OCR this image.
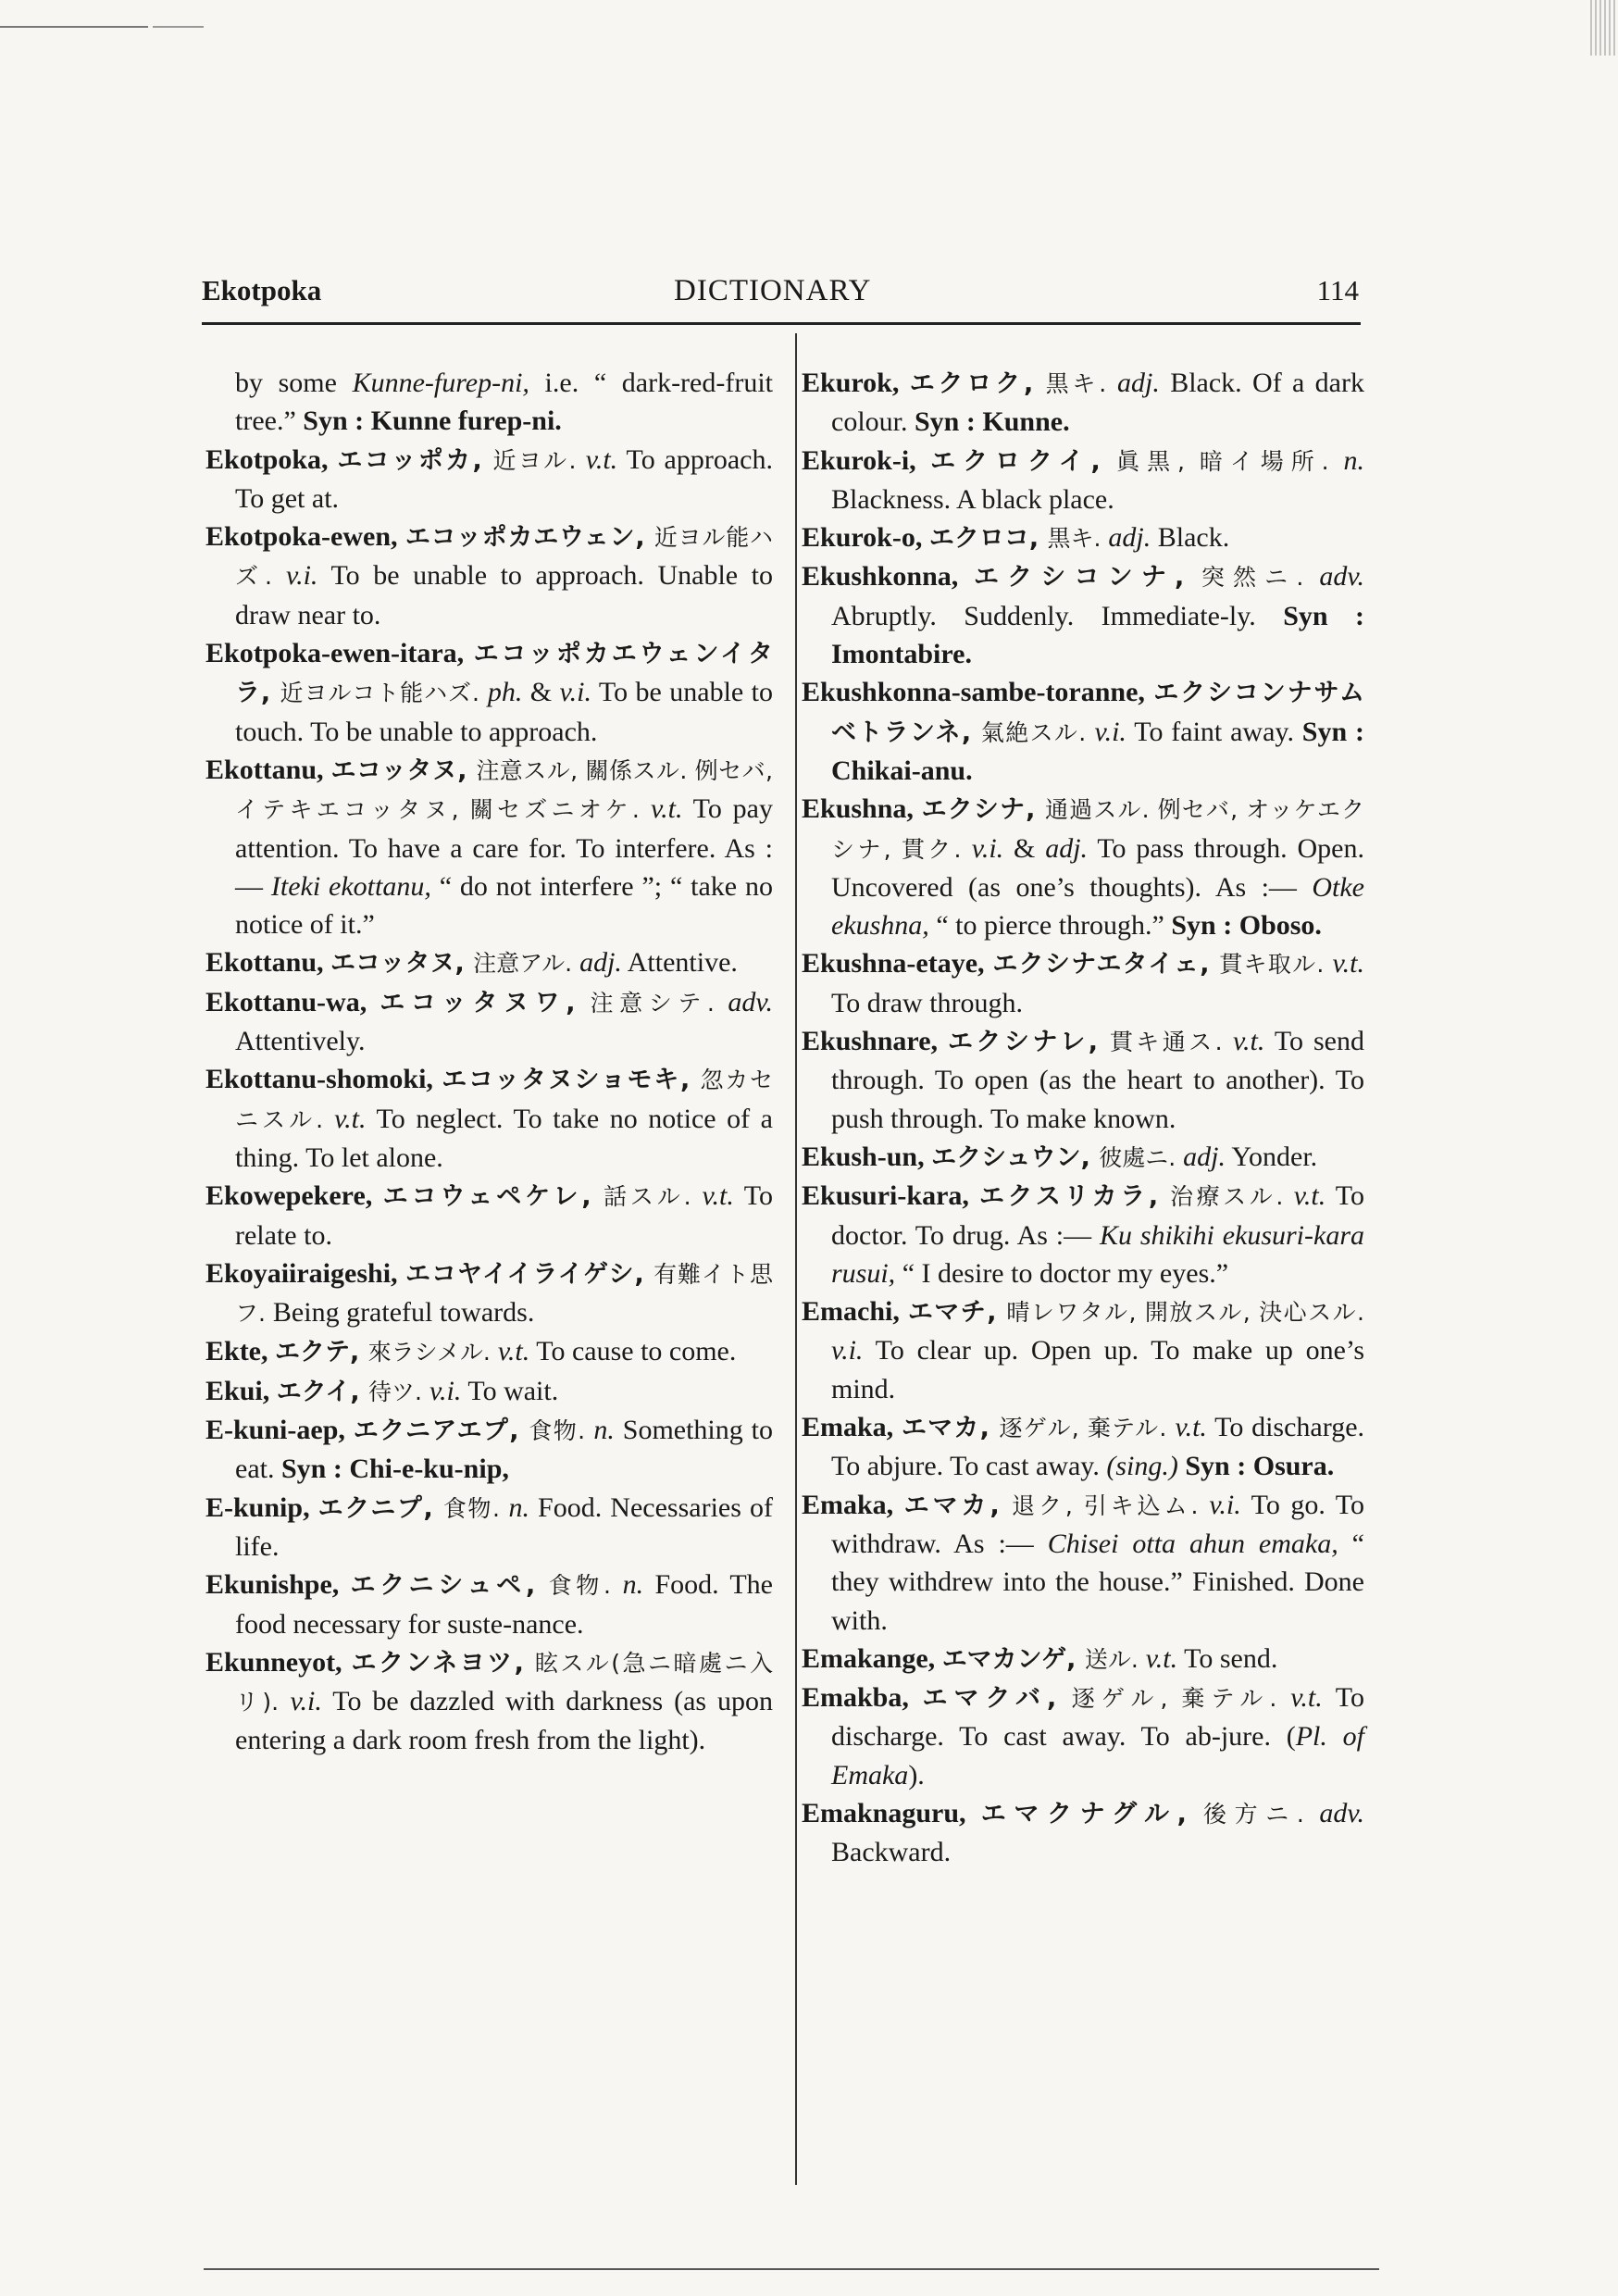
Ekotpoka	DICTIONARY	114

by some Kunne-furep-ni, i.e. “ dark-red-fruit tree.” Syn : Kunne furep-ni.

Ekotpoka, エコッポカ, 近ヨル. v.t. To approach. To get at.

Ekotpoka-ewen, エコッポカエウェン, 近ヨル能ハズ. v.i. To be unable to approach. Unable to draw near to.

Ekotpoka-ewen-itara, エコッポカエウェンイタラ, 近ヨルコト能ハズ. ph. & v.i. To be unable to touch. To be unable to approach.

Ekottanu, エコッタヌ, 注意スル, 關係スル. 例セバ, イテキエコッタヌ, 關セズニオケ. v.t. To pay attention. To have a care for. To interfere. As :— Iteki ekottanu, “ do not interfere ”; “ take no notice of it.”

Ekottanu, エコッタヌ, 注意アル. adj. Attentive.

Ekottanu-wa, エコッタヌワ, 注意シテ. adv. Attentively.

Ekottanu-shomoki, エコッタヌショモキ, 忽カセニスル. v.t. To neglect. To take no notice of a thing. To let alone.

Ekowepekere, エコウェペケレ, 話スル. v.t. To relate to.

Ekoyaiiraigeshi, エコヤイイライゲシ, 有難イト思フ. Being grateful towards.

Ekte, エクテ, 來ラシメル. v.t. To cause to come.

Ekui, エクイ, 待ツ. v.i. To wait.

E-kuni-aep, エクニアエプ, 食物. n. Something to eat. Syn : Chi-e-ku-nip,

E-kunip, エクニプ, 食物. n. Food. Necessaries of life.

Ekunishpe, エクニシュペ, 食物. n. Food. The food necessary for suste-nance.

Ekunneyot, エクンネヨツ, 眩スル(急ニ暗處ニ入リ). v.i. To be dazzled with darkness (as upon entering a dark room fresh from the light).

Ekurok, エクロク, 黒キ. adj. Black. Of a dark colour. Syn : Kunne.

Ekurok-i, エクロクイ, 眞黒, 暗イ場所. n. Blackness. A black place.

Ekurok-o, エクロコ, 黒キ. adj. Black.

Ekushkonna, エクシコンナ, 突然ニ. adv. Abruptly. Suddenly. Immediate-ly. Syn : Imontabire.

Ekushkonna-sambe-toranne, エクシコンナサムベトランネ, 氣絶スル. v.i. To faint away. Syn : Chikai-anu.

Ekushna, エクシナ, 通過スル. 例セバ, オッケエクシナ, 貫ク. v.i. & adj. To pass through. Open. Uncovered (as one’s thoughts). As :— Otke ekushna, “ to pierce through.” Syn : Oboso.

Ekushna-etaye, エクシナエタイェ, 貫キ取ル. v.t. To draw through.

Ekushnare, エクシナレ, 貫キ通ス. v.t. To send through. To open (as the heart to another). To push through. To make known.

Ekush-un, エクシュウン, 彼處ニ. adj. Yonder.

Ekusuri-kara, エクスリカラ, 治療スル. v.t. To doctor. To drug. As :— Ku shikihi ekusuri-kara rusui, “ I desire to doctor my eyes.”

Emachi, エマチ, 晴レワタル, 開放スル, 決心スル. v.i. To clear up. Open up. To make up one’s mind.

Emaka, エマカ, 逐ゲル, 棄テル. v.t. To discharge. To abjure. To cast away. (sing.) Syn : Osura.

Emaka, エマカ, 退ク, 引キ込ム. v.i. To go. To withdraw. As :— Chisei otta ahun emaka, “ they withdrew into the house.” Finished. Done with.

Emakange, エマカンゲ, 送ル. v.t. To send.

Emakba, エマクバ, 逐ゲル, 棄テル. v.t. To discharge. To cast away. To ab-jure. (Pl. of Emaka).

Emaknaguru, エマクナグル, 後方ニ. adv. Backward.
